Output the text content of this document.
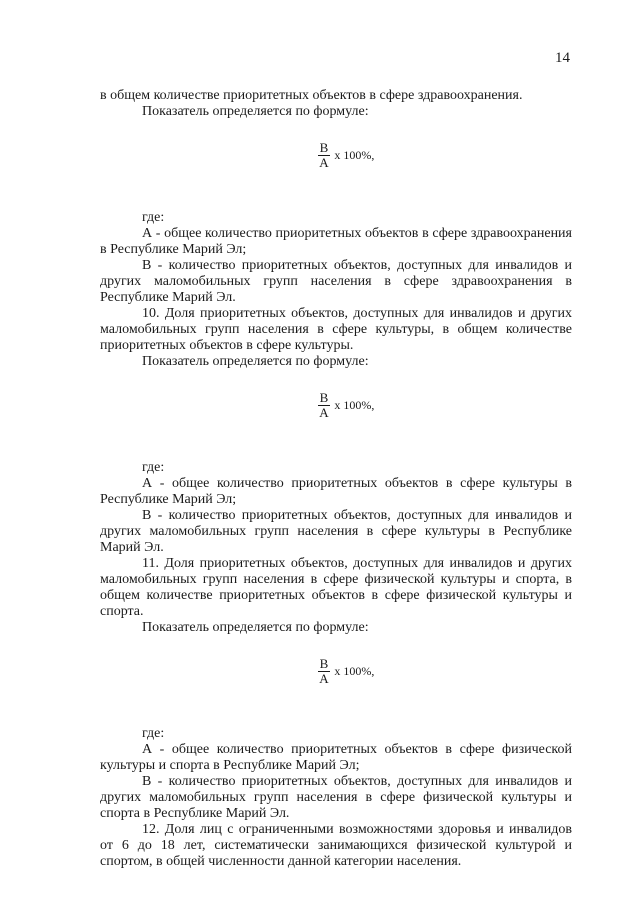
14

в общем количестве приоритетных объектов в сфере здравоохранения.

Показатель определяется по формуле:

$\frac{B}{A}$ x 100%,

где:

А - общее количество приоритетных объектов в сфере здравоохранения в Республике Марий Эл;

В - количество приоритетных объектов, доступных для инвалидов и других маломобильных групп населения в сфере здравоохранения в Республике Марий Эл.

10. Доля приоритетных объектов, доступных для инвалидов и других маломобильных групп населения в сфере культуры, в общем количестве приоритетных объектов в сфере культуры.

Показатель определяется по формуле:

$\frac{B}{A}$ x 100%,

где:

А - общее количество приоритетных объектов в сфере культуры в Республике Марий Эл;

В - количество приоритетных объектов, доступных для инвалидов и других маломобильных групп населения в сфере культуры в Республике Марий Эл.

11. Доля приоритетных объектов, доступных для инвалидов и других маломобильных групп населения в сфере физической культуры и спорта, в общем количестве приоритетных объектов в сфере физической культуры и спорта.

Показатель определяется по формуле:

$\frac{B}{A}$ x 100%,

где:

А - общее количество приоритетных объектов в сфере физической культуры и спорта в Республике Марий Эл;

В - количество приоритетных объектов, доступных для инвалидов и других маломобильных групп населения в сфере физической культуры и спорта в Республике Марий Эл.

12. Доля лиц с ограниченными возможностями здоровья и инвалидов от 6 до 18 лет, систематически занимающихся физической культурой и спортом, в общей численности данной категории населения.
